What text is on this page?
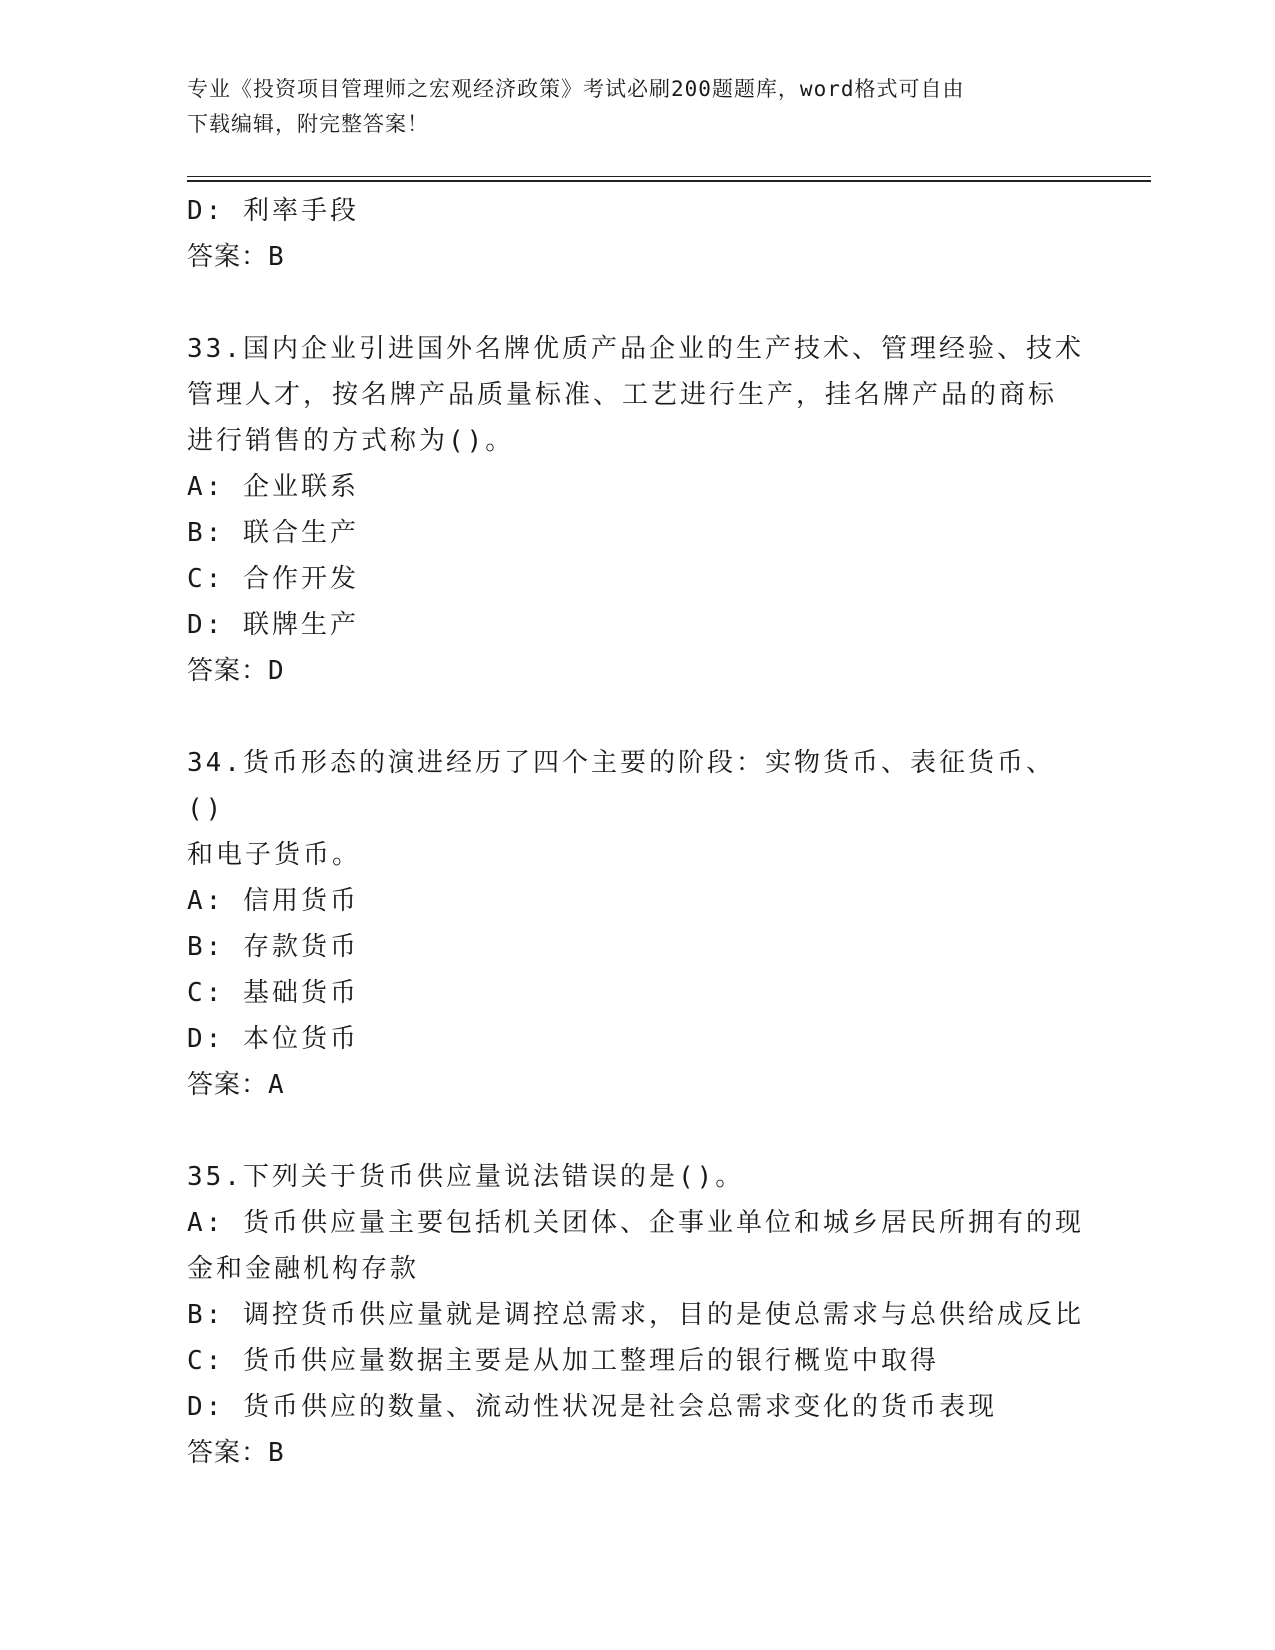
专业《投资项目管理师之宏观经济政策》考试必刷200题题库，word格式可自由
下载编辑，附完整答案！
D: 利率手段
答案：B
33.国内企业引进国外名牌优质产品企业的生产技术、管理经验、技术
管理人才，按名牌产品质量标准、工艺进行生产，挂名牌产品的商标
进行销售的方式称为()。
A: 企业联系
B: 联合生产
C: 合作开发
D: 联牌生产
答案：D
34.货币形态的演进经历了四个主要的阶段：实物货币、表征货币、()
和电子货币。
A: 信用货币
B: 存款货币
C: 基础货币
D: 本位货币
答案：A
35.下列关于货币供应量说法错误的是()。
A: 货币供应量主要包括机关团体、企事业单位和城乡居民所拥有的现
金和金融机构存款
B: 调控货币供应量就是调控总需求，目的是使总需求与总供给成反比
C: 货币供应量数据主要是从加工整理后的银行概览中取得
D: 货币供应的数量、流动性状况是社会总需求变化的货币表现
答案：B
